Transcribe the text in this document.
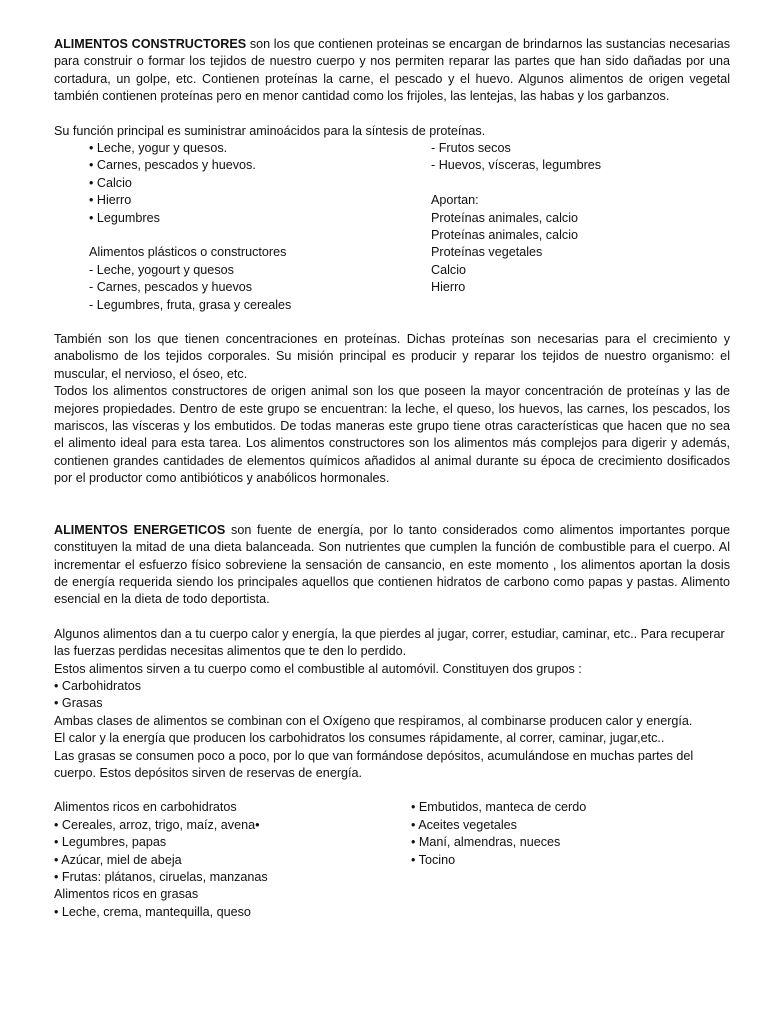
ALIMENTOS CONSTRUCTORES son los que contienen proteinas se encargan de brindarnos las sustancias necesarias para construir o formar los tejidos de nuestro cuerpo y nos permiten reparar las partes que han sido dañadas por una cortadura, un golpe, etc. Contienen proteínas la carne, el pescado y el huevo. Algunos alimentos de origen vegetal también contienen proteínas pero en menor cantidad como los frijoles, las lentejas, las habas y los garbanzos.

Su función principal es suministrar aminoácidos para la síntesis de proteínas.

• Leche, yogur y quesos.

• Carnes, pescados y huevos.

• Calcio

• Hierro

• Legumbres

Alimentos plásticos o constructores

- Leche, yogourt y quesos

- Carnes, pescados y huevos

- Legumbres, fruta, grasa y cereales

- Frutos secos

- Huevos, vísceras, legumbres

Aportan:

Proteínas animales, calcio

Proteínas animales, calcio

Proteínas vegetales

Calcio

Hierro

También son los que tienen concentraciones en proteínas. Dichas proteínas son necesarias para el crecimiento y anabolismo de los tejidos corporales. Su misión principal es producir y reparar los tejidos de nuestro organismo: el muscular, el nervioso, el óseo, etc.

Todos los alimentos constructores de origen animal son los que poseen la mayor concentración de proteínas y las de mejores propiedades. Dentro de este grupo se encuentran: la leche, el queso, los huevos, las carnes, los pescados, los mariscos, las vísceras y los embutidos. De todas maneras este grupo tiene otras características que hacen que no sea el alimento ideal para esta tarea. Los alimentos constructores son los alimentos más complejos para digerir y además, contienen grandes cantidades de elementos químicos añadidos al animal durante su época de crecimiento dosificados por el productor como antibióticos y anabólicos hormonales.

ALIMENTOS ENERGETICOS son fuente de energía, por lo tanto considerados como alimentos importantes porque constituyen la mitad de una dieta balanceada. Son nutrientes que cumplen la función de combustible para el cuerpo. Al incrementar el esfuerzo físico sobreviene la sensación de cansancio, en este momento , los alimentos aportan la dosis de energía requerida siendo los principales aquellos que contienen hidratos de carbono como papas y pastas. Alimento esencial en la dieta de todo deportista.

Algunos alimentos dan a tu cuerpo calor y energía, la que pierdes al jugar, correr, estudiar, caminar, etc.. Para recuperar las fuerzas perdidas necesitas alimentos que te den lo perdido.

Estos alimentos sirven a tu cuerpo como el combustible al automóvil. Constituyen dos grupos :

• Carbohidratos

• Grasas

Ambas clases de alimentos se combinan con el Oxígeno que respiramos, al combinarse producen calor y energía.

El calor y la energía que producen los carbohidratos los consumes rápidamente, al correr, caminar, jugar,etc..

Las grasas se consumen poco a poco, por lo que van formándose depósitos, acumulándose en muchas partes del cuerpo. Estos depósitos sirven de reservas de energía.

Alimentos ricos en carbohidratos

• Cereales, arroz, trigo, maíz, avena•

• Legumbres, papas

• Azúcar, miel de abeja

• Frutas: plátanos, ciruelas, manzanas

Alimentos ricos en grasas

• Leche, crema, mantequilla, queso

• Embutidos, manteca de cerdo

• Aceites vegetales

• Maní, almendras, nueces

• Tocino
